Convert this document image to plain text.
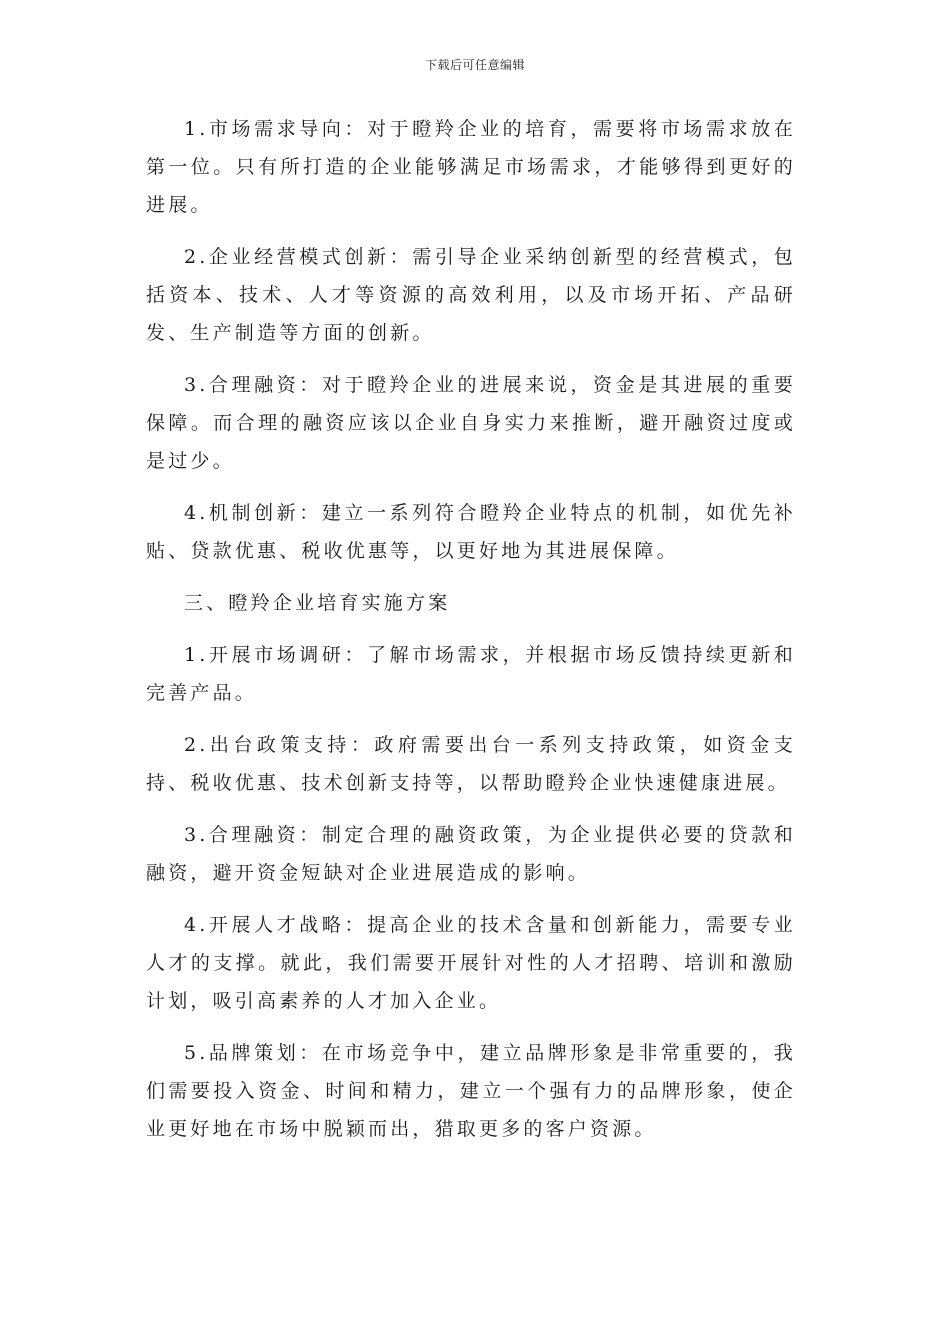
下载后可任意编辑

1.市场需求导向：对于瞪羚企业的培育，需要将市场需求放在第一位。只有所打造的企业能够满足市场需求，才能够得到更好的进展。

2.企业经营模式创新：需引导企业采纳创新型的经营模式，包括资本、技术、人才等资源的高效利用，以及市场开拓、产品研发、生产制造等方面的创新。

3.合理融资：对于瞪羚企业的进展来说，资金是其进展的重要保障。而合理的融资应该以企业自身实力来推断，避开融资过度或是过少。

4.机制创新：建立一系列符合瞪羚企业特点的机制，如优先补贴、贷款优惠、税收优惠等，以更好地为其进展保障。

三、瞪羚企业培育实施方案

1.开展市场调研：了解市场需求，并根据市场反馈持续更新和完善产品。

2.出台政策支持：政府需要出台一系列支持政策，如资金支持、税收优惠、技术创新支持等，以帮助瞪羚企业快速健康进展。

3.合理融资：制定合理的融资政策，为企业提供必要的贷款和融资，避开资金短缺对企业进展造成的影响。

4.开展人才战略：提高企业的技术含量和创新能力，需要专业人才的支撑。就此，我们需要开展针对性的人才招聘、培训和激励计划，吸引高素养的人才加入企业。

5.品牌策划：在市场竞争中，建立品牌形象是非常重要的，我们需要投入资金、时间和精力，建立一个强有力的品牌形象，使企业更好地在市场中脱颖而出，猎取更多的客户资源。
